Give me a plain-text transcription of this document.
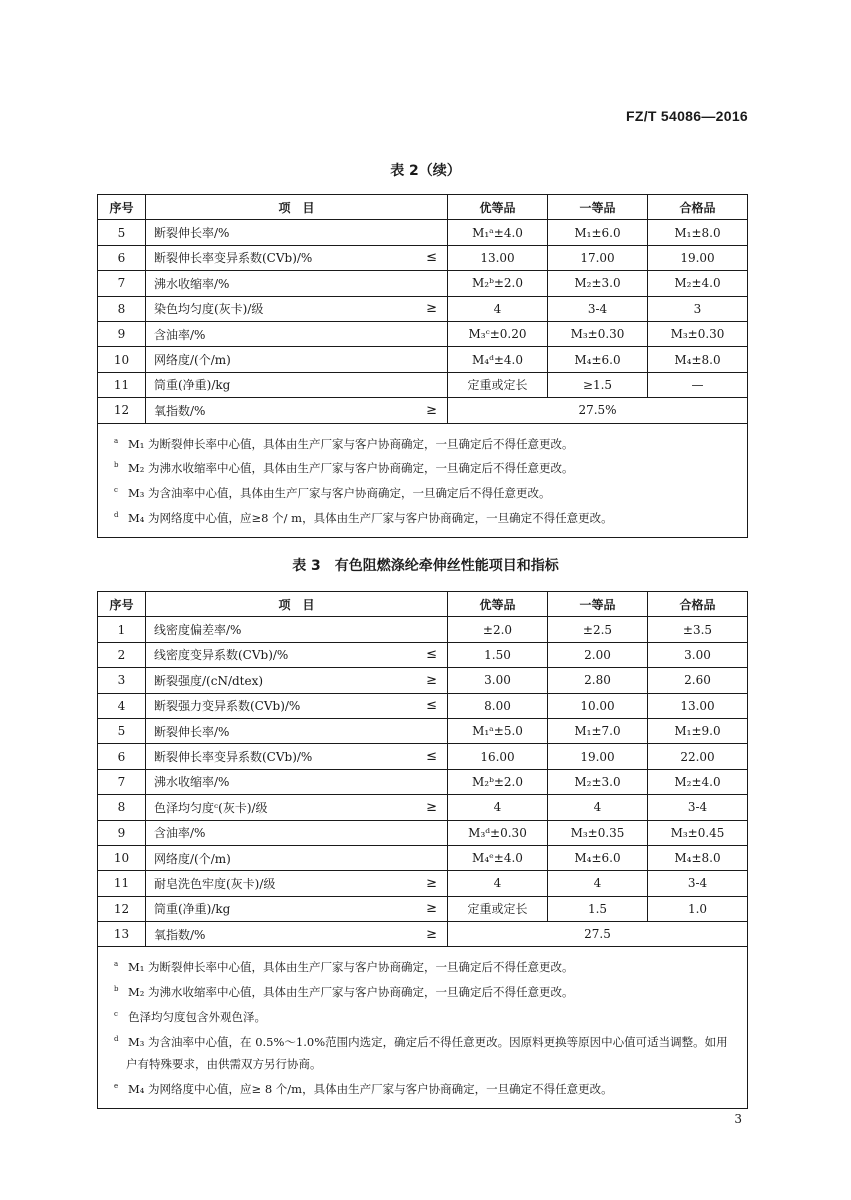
FZ/T 54086—2016
表 2（续）
序号	项　目	优等品	一等品	合格品
5	断裂伸长率/%	M₁ᵃ±4.0	M₁±6.0	M₁±8.0
6	断裂伸长率变异系数(CVb)/% ≤	13.00	17.00	19.00
7	沸水收缩率/%	M₂ᵇ±2.0	M₂±3.0	M₂±4.0
8	染色均匀度(灰卡)/级 ≥	4	3-4	3
9	含油率/%	M₃ᶜ±0.20	M₃±0.30	M₃±0.30
10	网络度/(个/m)	M₄ᵈ±4.0	M₄±6.0	M₄±8.0
11	筒重(净重)/kg	定重或定长	≥1.5	—
12	氧指数/% ≥	27.5%		

a M₁ 为断裂伸长率中心值，具体由生产厂家与客户协商确定，一旦确定后不得任意更改。
b M₂ 为沸水收缩率中心值，具体由生产厂家与客户协商确定，一旦确定后不得任意更改。
c M₃ 为含油率中心值，具体由生产厂家与客户协商确定，一旦确定后不得任意更改。
d M₄ 为网络度中心值，应≥8 个/ m，具体由生产厂家与客户协商确定，一旦确定不得任意更改。				
表 3　有色阻燃涤纶牵伸丝性能项目和指标
序号	项　目	优等品	一等品	合格品
1	线密度偏差率/%	±2.0	±2.5	±3.5
2	线密度变异系数(CVb)/% ≤	1.50	2.00	3.00
3	断裂强度/(cN/dtex) ≥	3.00	2.80	2.60
4	断裂强力变异系数(CVb)/% ≤	8.00	10.00	13.00
5	断裂伸长率/%	M₁ᵃ±5.0	M₁±7.0	M₁±9.0
6	断裂伸长率变异系数(CVb)/% ≤	16.00	19.00	22.00
7	沸水收缩率/%	M₂ᵇ±2.0	M₂±3.0	M₂±4.0
8	色泽均匀度ᶜ(灰卡)/级 ≥	4	4	3-4
9	含油率/%	M₃ᵈ±0.30	M₃±0.35	M₃±0.45
10	网络度/(个/m)	M₄ᵉ±4.0	M₄±6.0	M₄±8.0
11	耐皂洗色牢度(灰卡)/级 ≥	4	4	3-4
12	筒重(净重)/kg ≥	定重或定长	1.5	1.0
13	氧指数/% ≥	27.5		

a M₁ 为断裂伸长率中心值，具体由生产厂家与客户协商确定，一旦确定后不得任意更改。
b M₂ 为沸水收缩率中心值，具体由生产厂家与客户协商确定，一旦确定后不得任意更改。
c 色泽均匀度包含外观色泽。
d M₃ 为含油率中心值，在 0.5%～1.0%范围内选定，确定后不得任意更改。因原料更换等原因中心值可适当调整。如用户有特殊要求，由供需双方另行协商。
e M₄ 为网络度中心值，应≥ 8 个/m，具体由生产厂家与客户协商确定，一旦确定不得任意更改。				
3
